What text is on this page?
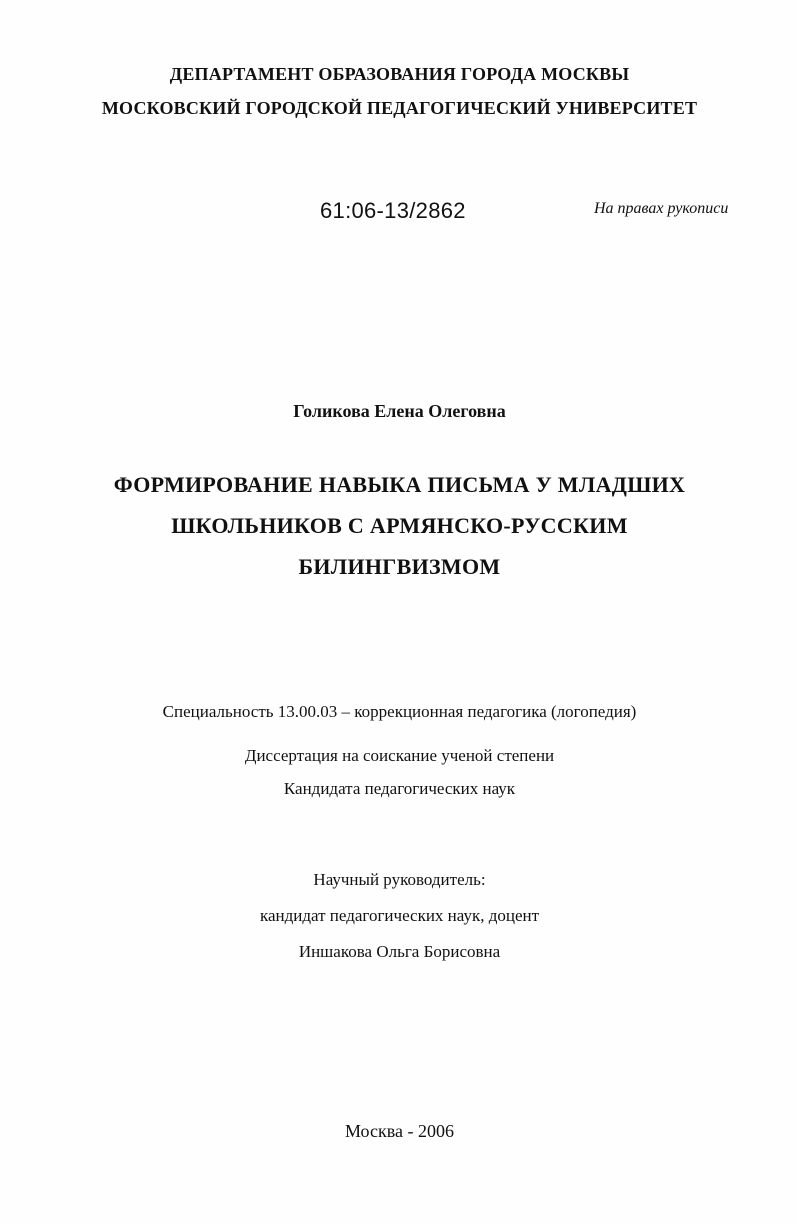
ДЕПАРТАМЕНТ ОБРАЗОВАНИЯ ГОРОДА МОСКВЫ
МОСКОВСКИЙ ГОРОДСКОЙ ПЕДАГОГИЧЕСКИЙ УНИВЕРСИТЕТ
61:06-13/2862	На правах рукописи
Голикова Елена Олеговна
ФОРМИРОВАНИЕ НАВЫКА ПИСЬМА У МЛАДШИХ
ШКОЛЬНИКОВ С АРМЯНСКО-РУССКИМ
БИЛИНГВИЗМОМ
Специальность 13.00.03 – коррекционная педагогика (логопедия)
Диссертация на соискание ученой степени
Кандидата педагогических наук
Научный руководитель:
кандидат педагогических наук, доцент
Иншакова Ольга Борисовна
Москва - 2006
